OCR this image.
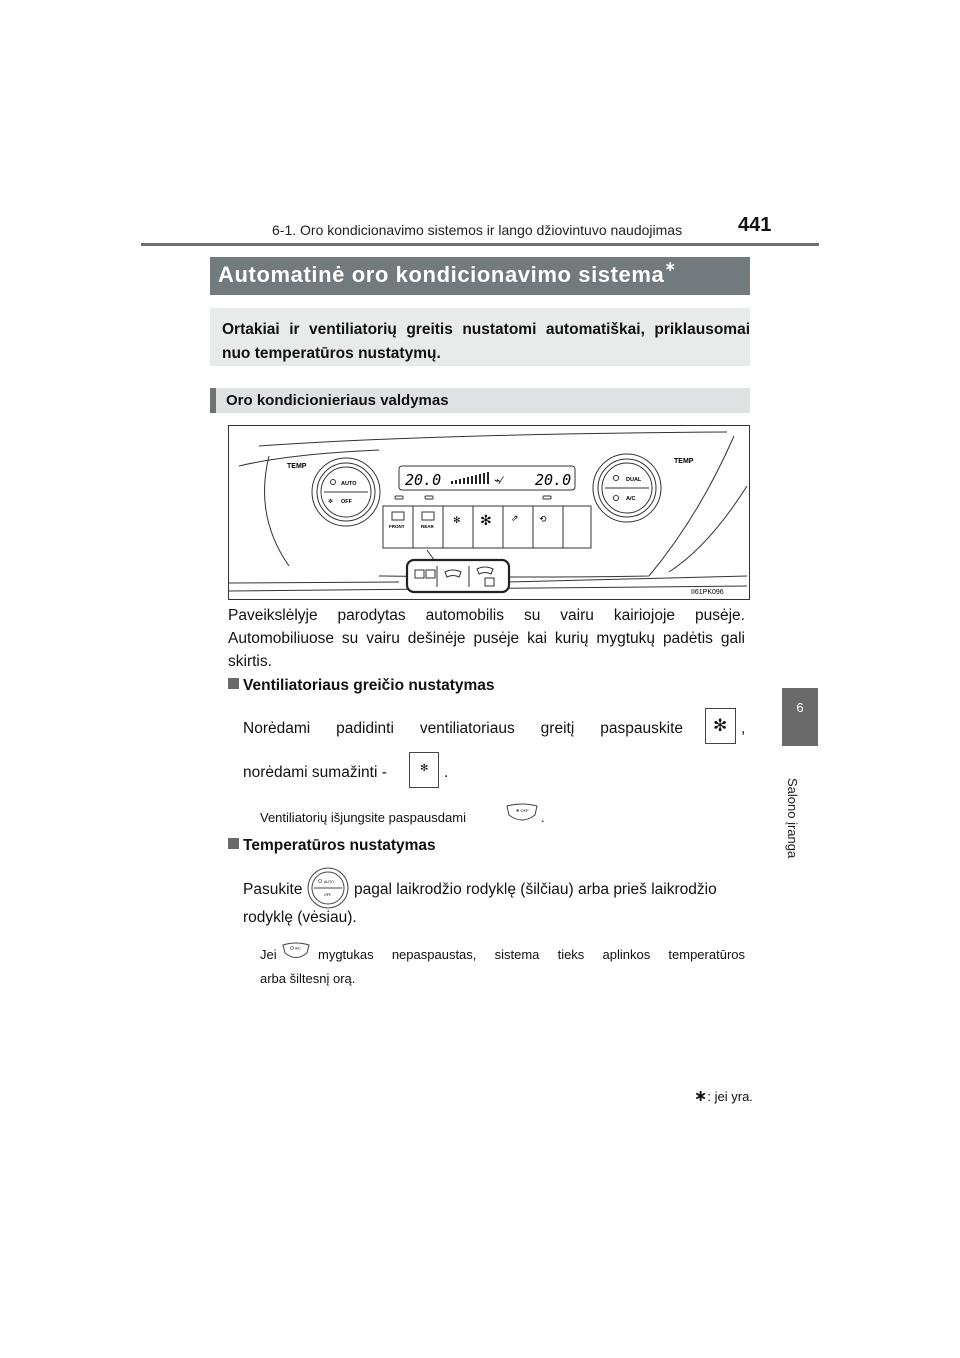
6-1. Oro kondicionavimo sistemos ir lango džiovintuvo naudojimas	441
6
Salono įranga
Automatinė oro kondicionavimo sistema∗

Ortakiai ir ventiliatorių greitis nustatomi automatiškai, priklausomai nuo temperatūros nustatymų.

Oro kondicionieriaus valdymas
TEMP
TEMP
AUTO
OFF
✻
DUAL
A/C
20.0	20.0
⌁∕
FRONT	REAR
✻ ✻ ⇗ ⟲
II61PK096
Paveikslėlyje parodytas automobilis su vairu kairiojoje pusėje. Automobiliuose su vairu dešinėje pusėje kai kurių mygtukų padėtis gali skirtis.
Ventiliatoriaus greičio nustatymas
Norėdami padidinti ventiliatoriaus greitį paspauskite ✻ ,
norėdami sumažinti -	✻ .
Ventiliatorių išjungsite paspausdami	✻ OFF .
Temperatūros nustatymas
Pasukite	AUTO
OFF pagal laikrodžio rodyklę (šilčiau) arba prieš laikrodžio
rodyklę (vėsiau).
Jei	A/C mygtukas nepaspaustas, sistema tieks aplinkos temperatūros
arba šiltesnį orą.
∗: jei yra.
